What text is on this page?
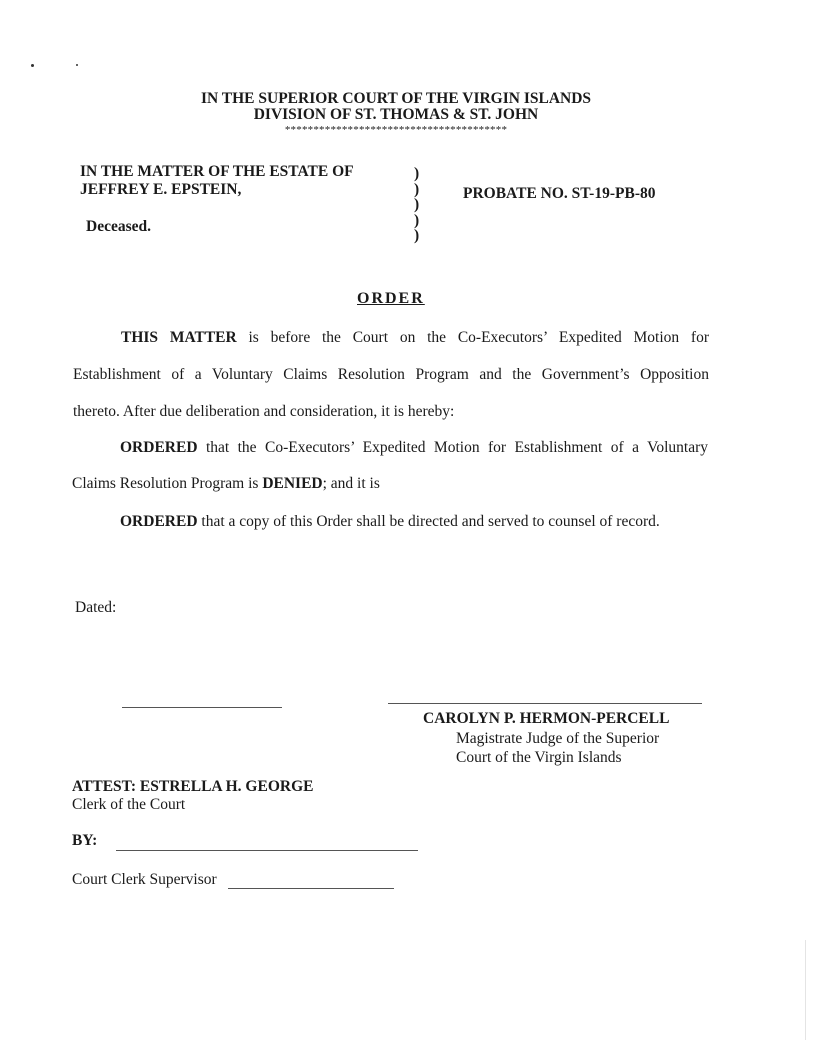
IN THE SUPERIOR COURT OF THE VIRGIN ISLANDS
DIVISION OF ST. THOMAS & ST. JOHN
***************************************
IN THE MATTER OF THE ESTATE OF
JEFFREY E. EPSTEIN,
Deceased.
)
)
)
)
)
PROBATE NO. ST-19-PB-80
ORDER
THIS MATTER is before the Court on the Co-Executors’ Expedited Motion for
Establishment of a Voluntary Claims Resolution Program and the Government’s Opposition
thereto. After due deliberation and consideration, it is hereby:
ORDERED that the Co-Executors’ Expedited Motion for Establishment of a Voluntary
Claims Resolution Program is DENIED; and it is
ORDERED that a copy of this Order shall be directed and served to counsel of record.
Dated:
CAROLYN P. HERMON-PERCELL
Magistrate Judge of the Superior
Court of the Virgin Islands
ATTEST: ESTRELLA H. GEORGE
Clerk of the Court
BY:
Court Clerk Supervisor
